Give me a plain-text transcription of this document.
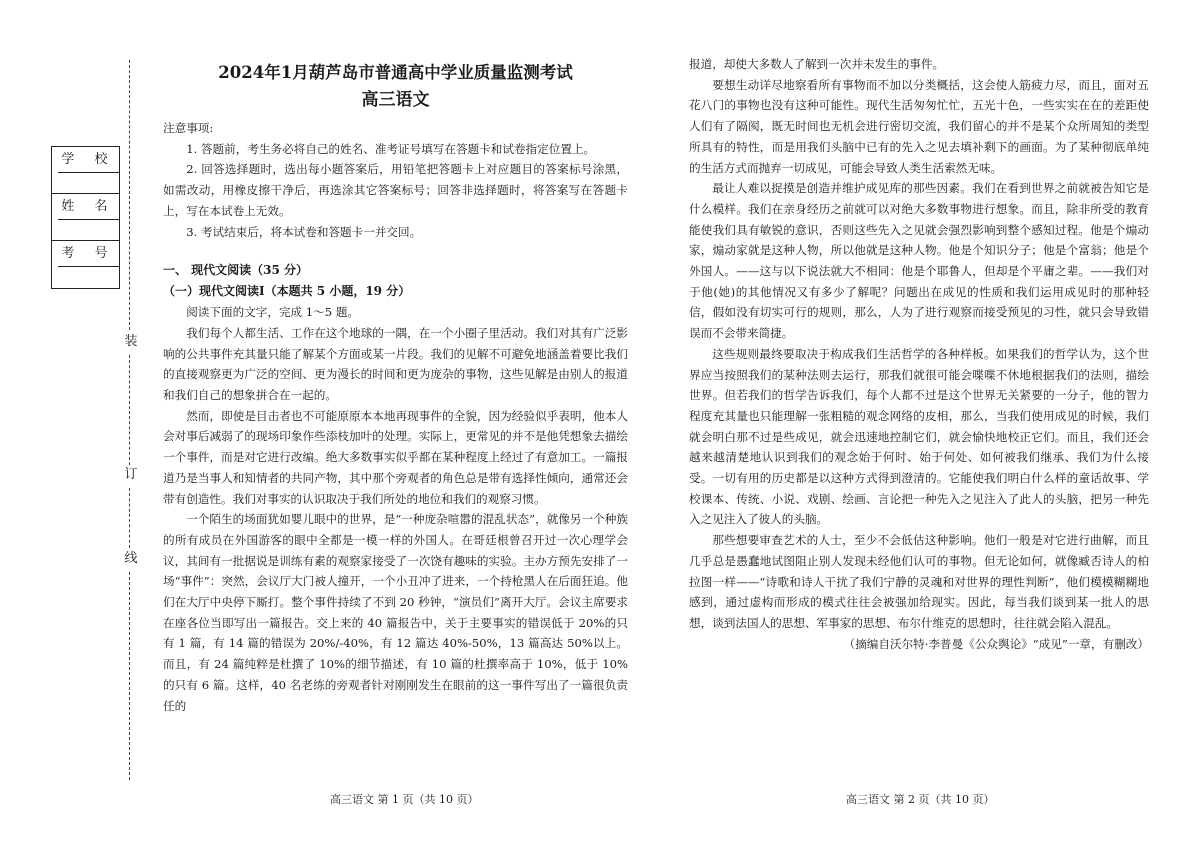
装
订
线
学 校
姓 名
考 号
2024年1月葫芦岛市普通高中学业质量监测考试
高三语文

注意事项:

1. 答题前，考生务必将自己的姓名、准考证号填写在答题卡和试卷指定位置上。

2. 回答选择题时，选出每小题答案后，用铅笔把答题卡上对应题目的答案标号涂黑，如需改动，用橡皮擦干净后，再选涂其它答案标号；回答非选择题时，将答案写在答题卡上，写在本试卷上无效。

3. 考试结束后，将本试卷和答题卡一并交回。

一、 现代文阅读（35 分）

（一）现代文阅读Ⅰ（本题共 5 小题，19 分）

阅读下面的文字，完成 1～5 题。

我们每个人都生活、工作在这个地球的一隅，在一个小圈子里活动。我们对其有广泛影响的公共事件充其量只能了解某个方面或某一片段。我们的见解不可避免地涵盖着要比我们的直接观察更为广泛的空间、更为漫长的时间和更为庞杂的事物，这些见解是由别人的报道和我们自己的想象拼合在一起的。

然而，即使是目击者也不可能原原本本地再现事件的全貌，因为经验似乎表明，他本人会对事后减弱了的现场印象作些添枝加叶的处理。实际上，更常见的并不是他凭想象去描绘一个事件，而是对它进行改编。绝大多数事实似乎都在某种程度上经过了有意加工。一篇报道乃是当事人和知情者的共同产物，其中那个旁观者的角色总是带有选择性倾向，通常还会带有创造性。我们对事实的认识取决于我们所处的地位和我们的观察习惯。

一个陌生的场面犹如婴儿眼中的世界，是“一种庞杂喧嚣的混乱状态”，就像另一个种族的所有成员在外国游客的眼中全都是一模一样的外国人。在哥廷根曾召开过一次心理学会议，其间有一批据说是训练有素的观察家接受了一次饶有趣味的实验。主办方预先安排了一场“事件”：突然，会议厅大门被人撞开，一个小丑冲了进来，一个持枪黑人在后面狂追。他们在大厅中央停下厮打。整个事件持续了不到 20 秒钟，“演员们”离开大厅。会议主席要求在座各位当即写出一篇报告。交上来的 40 篇报告中，关于主要事实的错误低于 20%的只有 1 篇，有 14 篇的错误为 20%/-40%，有 12 篇达 40%-50%，13 篇高达 50%以上。而且，有 24 篇纯粹是杜撰了 10%的细节描述，有 10 篇的杜撰率高于 10%，低于 10%的只有 6 篇。这样，40 名老练的旁观者针对刚刚发生在眼前的这一事件写出了一篇很负责任的

报道，却使大多数人了解到一次并未发生的事件。

要想生动详尽地察看所有事物而不加以分类概括，这会使人筋疲力尽，而且，面对五花八门的事物也没有这种可能性。现代生活匆匆忙忙，五光十色，一些实实在在的差距使人们有了隔阂，既无时间也无机会进行密切交流，我们留心的并不是某个众所周知的类型所具有的特性，而是用我们头脑中已有的先入之见去填补剩下的画面。为了某种彻底单纯的生活方式而抛弃一切成见，可能会导致人类生活索然无味。

最让人难以捉摸是创造并维护成见库的那些因素。我们在看到世界之前就被告知它是什么模样。我们在亲身经历之前就可以对绝大多数事物进行想象。而且，除非所受的教育能使我们具有敏锐的意识，否则这些先入之见就会强烈影响到整个感知过程。他是个煽动家，煽动家就是这种人物，所以他就是这种人物。他是个知识分子；他是个富翁；他是个外国人。——这与以下说法就大不相同：他是个耶鲁人，但却是个平庸之辈。——我们对于他(她)的其他情况又有多少了解呢？问题出在成见的性质和我们运用成见时的那种轻信，假如没有切实可行的规则，那么，人为了进行观察而接受预见的习性，就只会导致错误而不会带来简捷。

这些规则最终要取决于构成我们生活哲学的各种样板。如果我们的哲学认为，这个世界应当按照我们的某种法则去运行，那我们就很可能会喋喋不休地根据我们的法则，描绘世界。但若我们的哲学告诉我们，每个人都不过是这个世界无关紧要的一分子，他的智力程度充其量也只能理解一张粗糙的观念网络的皮相，那么，当我们使用成见的时候，我们就会明白那不过是些成见，就会迅速地控制它们，就会愉快地校正它们。而且，我们还会越来越清楚地认识到我们的观念始于何时、始于何处、如何被我们继承、我们为什么接受。一切有用的历史都是以这种方式得到澄清的。它能使我们明白什么样的童话故事、学校课本、传统、小说、戏剧、绘画、言论把一种先入之见注入了此人的头脑，把另一种先入之见注入了彼人的头脑。

那些想要审查艺术的人士，至少不会低估这种影响。他们一般是对它进行曲解，而且几乎总是愚蠢地试图阻止别人发现未经他们认可的事物。但无论如何，就像臧否诗人的柏拉图一样——“诗歌和诗人干扰了我们宁静的灵魂和对世界的理性判断”，他们模模糊糊地感到，通过虚构而形成的模式往往会被强加给现实。因此，每当我们谈到某一批人的思想，谈到法国人的思想、军事家的思想、布尔什维克的思想时，往往就会陷入混乱。

（摘编自沃尔特·李普曼《公众舆论》“成见”一章，有删改）

高三语文 第 1 页（共 10 页）	高三语文 第 2 页（共 10 页）
